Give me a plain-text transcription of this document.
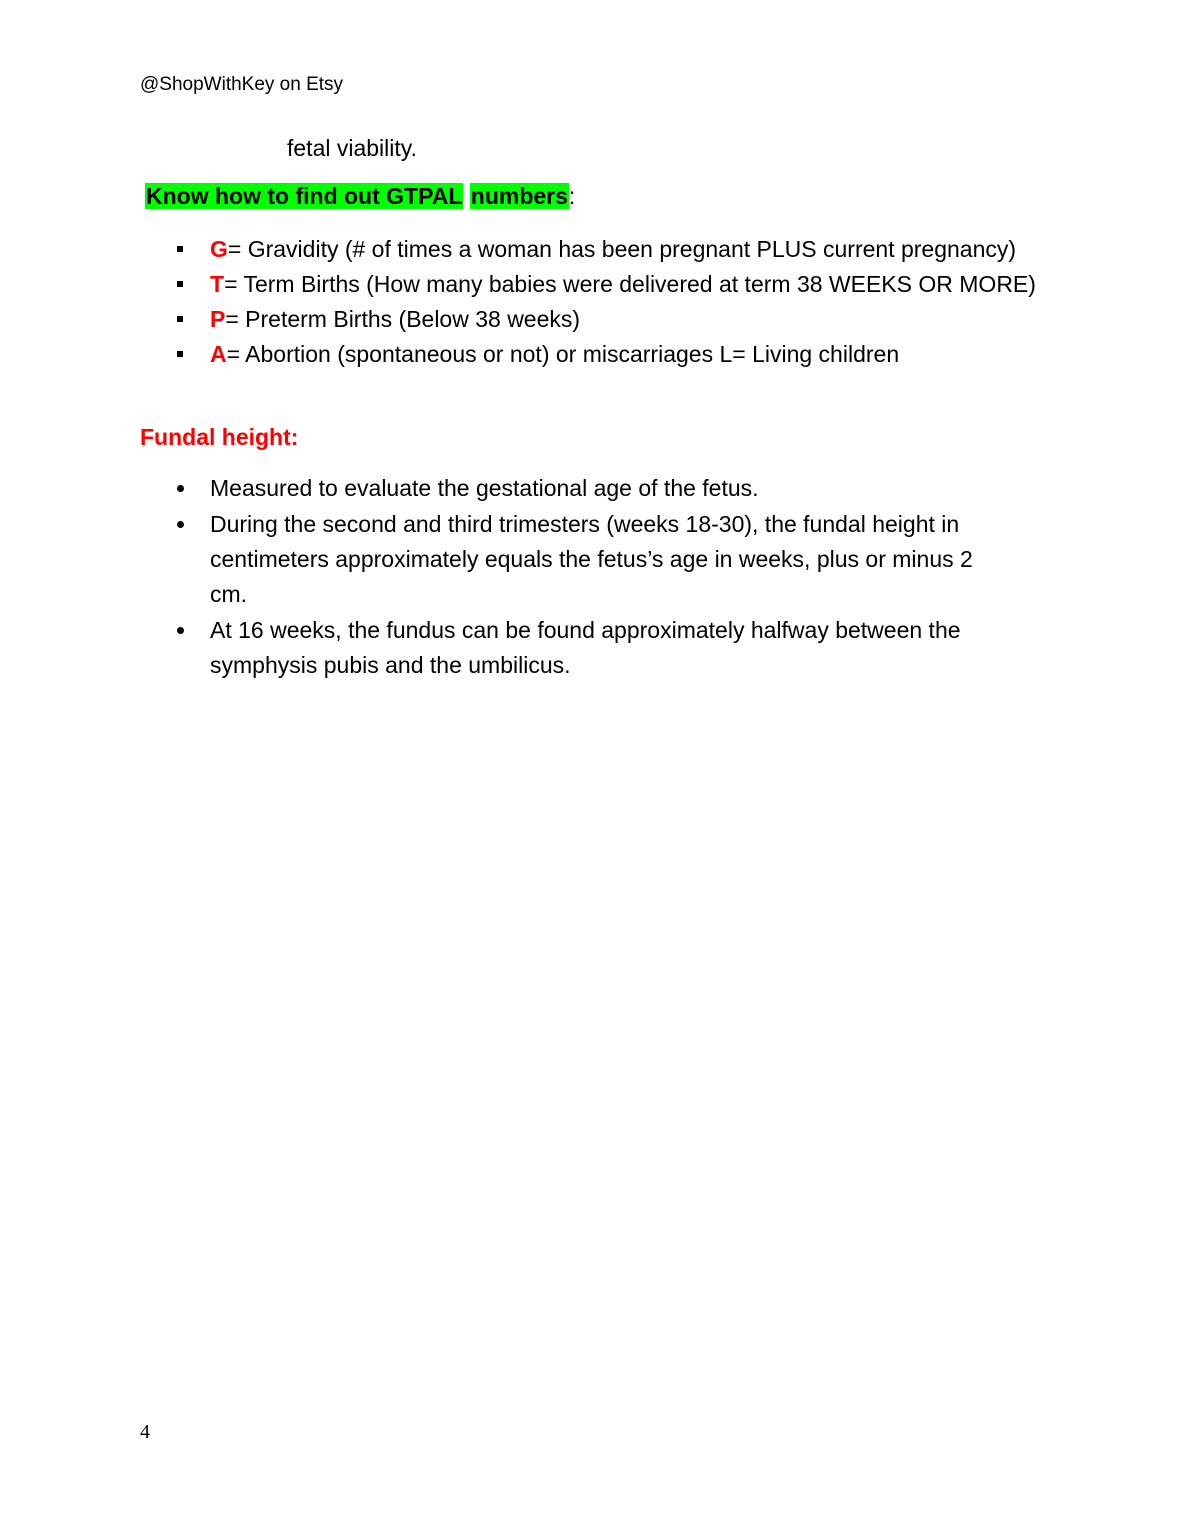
@ShopWithKey on Etsy
fetal viability.
Know how to find out GTPAL numbers:
G= Gravidity (# of times a woman has been pregnant PLUS current pregnancy)
T= Term Births (How many babies were delivered at term 38 WEEKS OR MORE)
P= Preterm Births (Below 38 weeks)
A= Abortion (spontaneous or not) or miscarriages L= Living children
Fundal height:
Measured to evaluate the gestational age of the fetus.
During the second and third trimesters (weeks 18-30), the fundal height in centimeters approximately equals the fetus’s age in weeks, plus or minus 2 cm.
At 16 weeks, the fundus can be found approximately halfway between the symphysis pubis and the umbilicus.
4
